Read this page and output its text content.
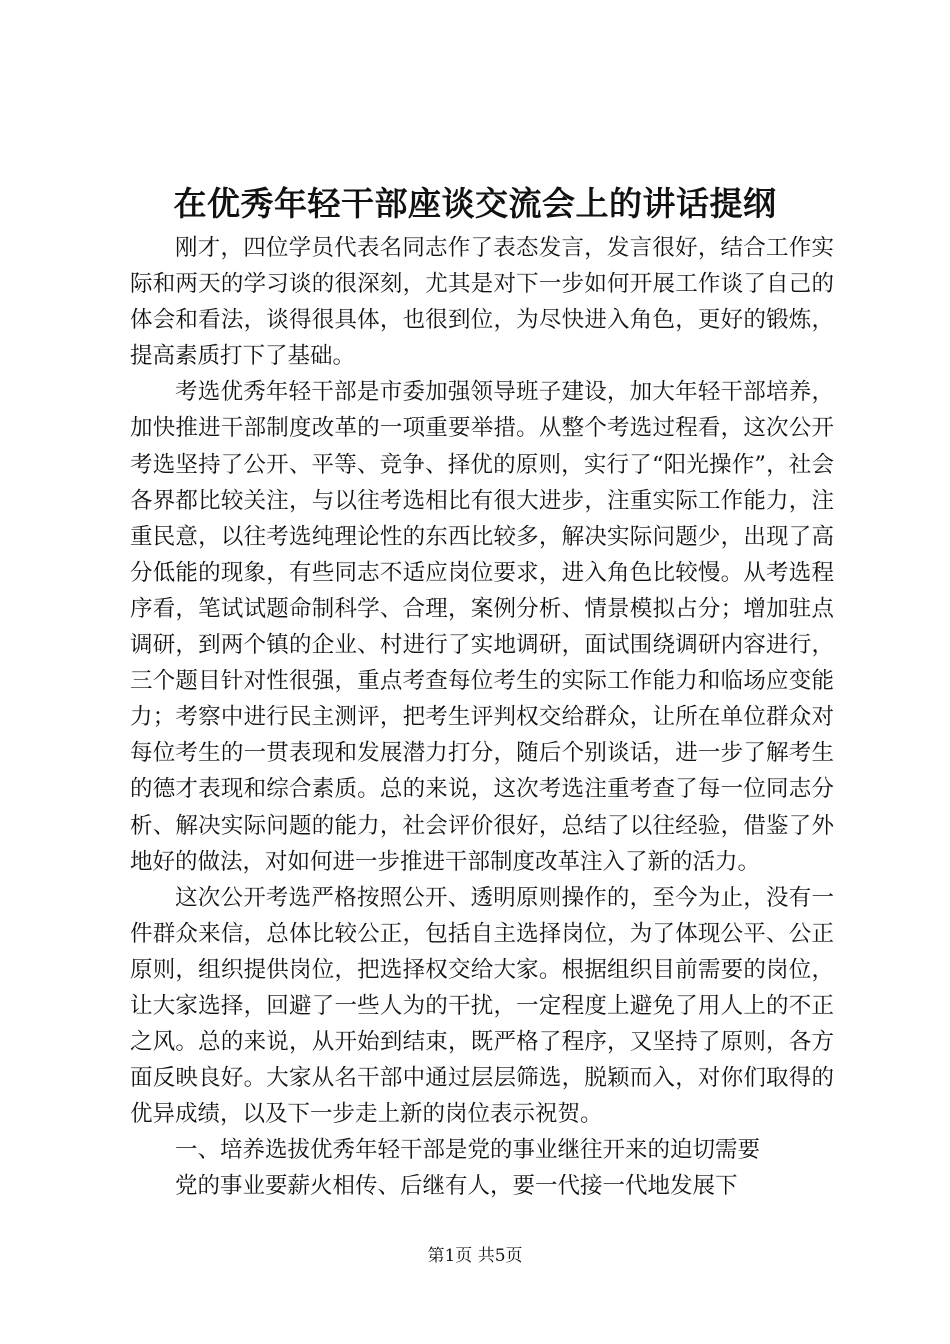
在优秀年轻干部座谈交流会上的讲话提纲

刚才，四位学员代表名同志作了表态发言，发言很好，结合工作实际和两天的学习谈的很深刻，尤其是对下一步如何开展工作谈了自己的体会和看法，谈得很具体，也很到位，为尽快进入角色，更好的锻炼，提高素质打下了基础。

考选优秀年轻干部是市委加强领导班子建设，加大年轻干部培养，加快推进干部制度改革的一项重要举措。从整个考选过程看，这次公开考选坚持了公开、平等、竞争、择优的原则，实行了“阳光操作”，社会各界都比较关注，与以往考选相比有很大进步，注重实际工作能力，注重民意，以往考选纯理论性的东西比较多，解决实际问题少，出现了高分低能的现象，有些同志不适应岗位要求，进入角色比较慢。从考选程序看，笔试试题命制科学、合理，案例分析、情景模拟占分；增加驻点调研，到两个镇的企业、村进行了实地调研，面试围绕调研内容进行，三个题目针对性很强，重点考查每位考生的实际工作能力和临场应变能力；考察中进行民主测评，把考生评判权交给群众，让所在单位群众对每位考生的一贯表现和发展潜力打分，随后个别谈话，进一步了解考生的德才表现和综合素质。总的来说，这次考选注重考查了每一位同志分析、解决实际问题的能力，社会评价很好，总结了以往经验，借鉴了外地好的做法，对如何进一步推进干部制度改革注入了新的活力。

这次公开考选严格按照公开、透明原则操作的，至今为止，没有一件群众来信，总体比较公正，包括自主选择岗位，为了体现公平、公正原则，组织提供岗位，把选择权交给大家。根据组织目前需要的岗位，让大家选择，回避了一些人为的干扰，一定程度上避免了用人上的不正之风。总的来说，从开始到结束，既严格了程序，又坚持了原则，各方面反映良好。大家从名干部中通过层层筛选，脱颖而入，对你们取得的优异成绩，以及下一步走上新的岗位表示祝贺。

一、培养选拔优秀年轻干部是党的事业继往开来的迫切需要

党的事业要薪火相传、后继有人，要一代接一代地发展下

第1页 共5页
